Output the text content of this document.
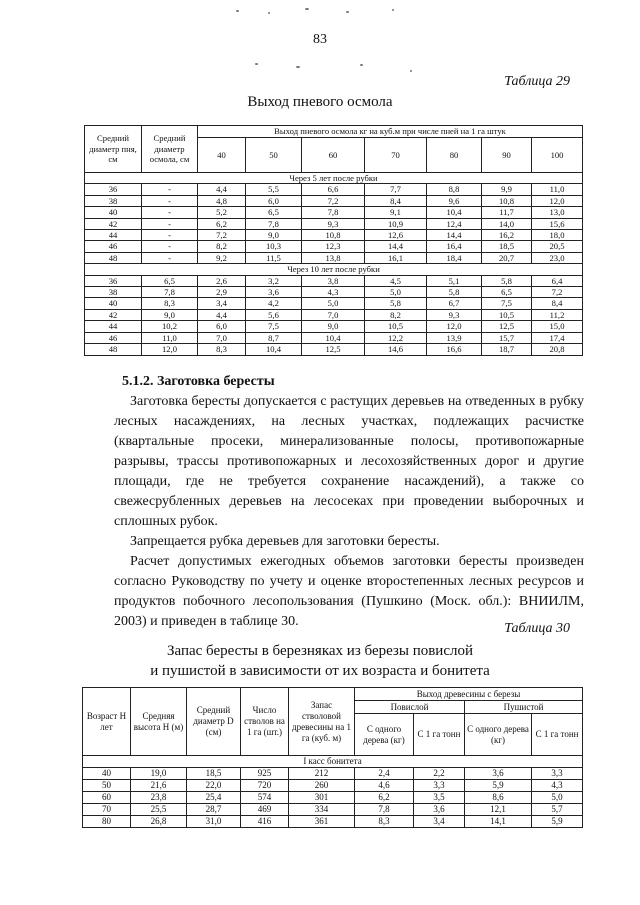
83
Таблица 29
Выход пневого осмола
Средний диаметр пня, см	Средний диаметр осмола, см	Выход пневого осмола кг на куб.м при числе пней на 1 га штук						
		40	50	60	70	80	90	100
Через 5 лет после рубки								
36	-	4,4	5,5	6,6	7,7	8,8	9,9	11,0
38	-	4,8	6,0	7,2	8,4	9,6	10,8	12,0
40	-	5,2	6,5	7,8	9,1	10,4	11,7	13,0
42	-	6,2	7,8	9,3	10,9	12,4	14,0	15,6
44	-	7,2	9,0	10,8	12,6	14,4	16,2	18,0
46	-	8,2	10,3	12,3	14,4	16,4	18,5	20,5
48	-	9,2	11,5	13,8	16,1	18,4	20,7	23,0
Через 10 лет после рубки								
36	6,5	2,6	3,2	3,8	4,5	5,1	5,8	6,4
38	7,8	2,9	3,6	4,3	5,0	5,8	6,5	7,2
40	8,3	3,4	4,2	5,0	5,8	6,7	7,5	8,4
42	9,0	4,4	5,6	7,0	8,2	9,3	10,5	11,2
44	10,2	6,0	7,5	9,0	10,5	12,0	12,5	15,0
46	11,0	7,0	8,7	10,4	12,2	13,9	15,7	17,4
48	12,0	8,3	10,4	12,5	14,6	16,6	18,7	20,8
5.1.2. Заготовка бересты

Заготовка бересты допускается с растущих деревьев на отведенных в рубку лесных насаждениях, на лесных участках, подлежащих расчистке (квартальные просеки, минерализованные полосы, противопожарные разрывы, трассы противопожарных и лесохозяйственных дорог и другие площади, где не требуется сохранение насаждений), а также со свежесрубленных деревьев на лесосеках при проведении выборочных и сплошных рубок.

Запрещается рубка деревьев для заготовки бересты.

Расчет допустимых ежегодных объемов заготовки бересты произведен согласно Руководству по учету и оценке второстепенных лесных ресурсов и продуктов побочного лесопользования (Пушкино (Моск. обл.): ВНИИЛМ, 2003) и приведен в таблице 30.	Таблица 30
Запас бересты в березняках из березы повислой
и пушистой в зависимости от их возраста и бонитета
Возраст Н лет	Средняя высота Н (м)	Средний диаметр D (см)	Число стволов на 1 га (шт.)	Запас стволовой древесины на 1 га (куб. м)	Выход древесины с березы			
					Повислой		Пушистой	
					С одного дерева (кг)	С 1 га тонн	С одного дерева (кг)	С 1 га тонн
I касс бонитета								
40	19,0	18,5	925	212	2,4	2,2	3,6	3,3
50	21,6	22,0	720	260	4,6	3,3	5,9	4,3
60	23,8	25,4	574	301	6,2	3,5	8,6	5,0
70	25,5	28,7	469	334	7,8	3,6	12,1	5,7
80	26,8	31,0	416	361	8,3	3,4	14,1	5,9
